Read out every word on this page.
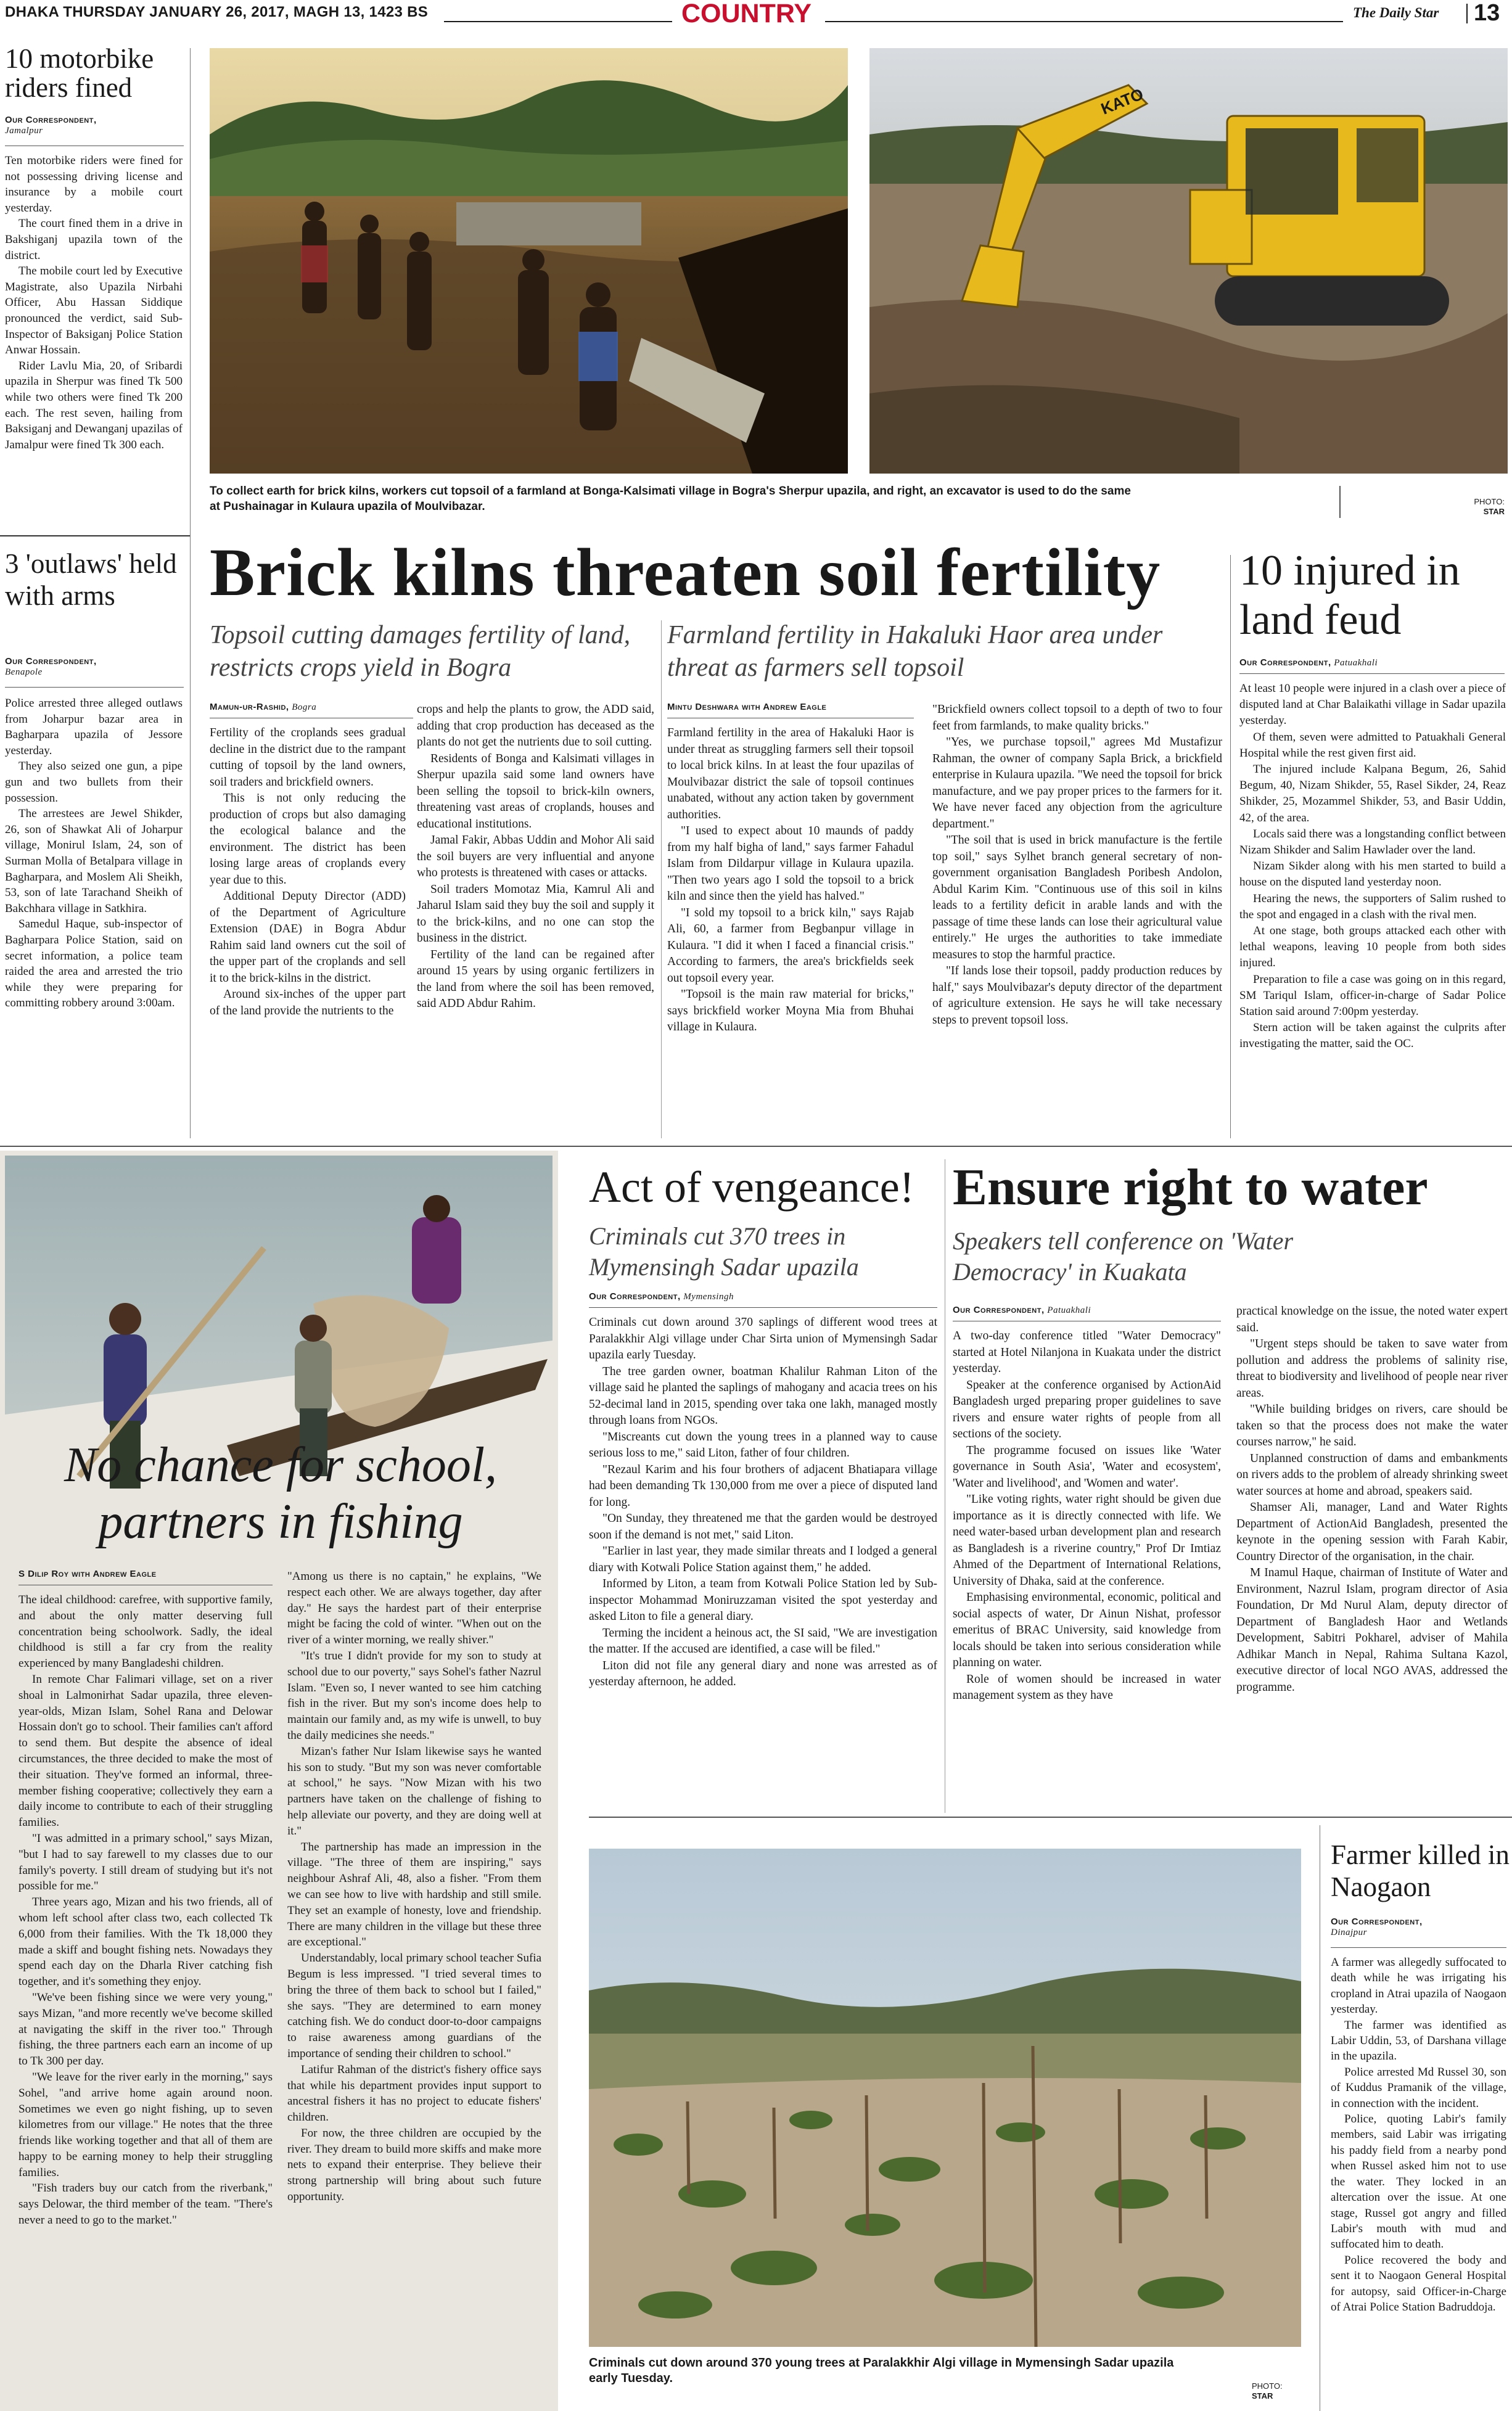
DHAKA THURSDAY JANUARY 26, 2017, MAGH 13, 1423 BS	COUNTRY	The Daily Star 13
KATO
To collect earth for brick kilns, workers cut topsoil of a farmland at Bonga-Kalsimati village in Bogra's Sherpur upazila, and right, an excavator is used to do the same at Pushainagar in Kulaura upazila of Moulvibazar.	PHOTO:
STAR
10 motorbike riders fined

Our Correspondent,
Jamalpur

Ten motorbike riders were fined for not possessing driving license and insurance by a mobile court yesterday.

The court fined them in a drive in Bakshiganj upazila town of the district.

The mobile court led by Executive Magistrate, also Upazila Nirbahi Officer, Abu Hassan Siddique pronounced the verdict, said Sub-Inspector of Baksiganj Police Station Anwar Hossain.

Rider Lavlu Mia, 20, of Sribardi upazila in Sherpur was fined Tk 500 while two others were fined Tk 200 each. The rest seven, hailing from Baksiganj and Dewanganj upazilas of Jamalpur were fined Tk 300 each.

3 'outlaws' held with arms

Our Correspondent,
Benapole

Police arrested three alleged outlaws from Joharpur bazar area in Bagharpara upazila of Jessore yesterday.

They also seized one gun, a pipe gun and two bullets from their possession.

The arrestees are Jewel Shikder, 26, son of Shawkat Ali of Joharpur village, Monirul Islam, 24, son of Surman Molla of Betalpara village in Bagharpara, and Moslem Ali Sheikh, 53, son of late Tarachand Sheikh of Bakchhara village in Satkhira.

Samedul Haque, sub-inspector of Bagharpara Police Station, said on secret information, a police team raided the area and arrested the trio while they were preparing for committing robbery around 3:00am.

Brick kilns threaten soil fertility
Topsoil cutting damages fertility of land, restricts crops yield in Bogra
Farmland fertility in Hakaluki Haor area under threat as farmers sell topsoil

Mamun-ur-Rashid, Bogra

Fertility of the croplands sees gradual decline in the district due to the rampant cutting of topsoil by the land owners, soil traders and brickfield owners.

This is not only reducing the production of crops but also damaging the ecological balance and the environment. The district has been losing large areas of croplands every year due to this.

Additional Deputy Director (ADD) of the Department of Agriculture Extension (DAE) in Bogra Abdur Rahim said land owners cut the soil of the upper part of the croplands and sell it to the brick-kilns in the district.

Around six-inches of the upper part of the land provide the nutrients to the

crops and help the plants to grow, the ADD said, adding that crop production has deceased as the plants do not get the nutrients due to soil cutting.

Residents of Bonga and Kalsimati villages in Sherpur upazila said some land owners have been selling the topsoil to brick-kiln owners, threatening vast areas of croplands, houses and educational institutions.

Jamal Fakir, Abbas Uddin and Mohor Ali said the soil buyers are very influential and anyone who protests is threatened with cases or attacks.

Soil traders Momotaz Mia, Kamrul Ali and Jaharul Islam said they buy the soil and supply it to the brick-kilns, and no one can stop the business in the district.

Fertility of the land can be regained after around 15 years by using organic fertilizers in the land from where the soil has been removed, said ADD Abdur Rahim.

Mintu Deshwara with Andrew Eagle

Farmland fertility in the area of Hakaluki Haor is under threat as struggling farmers sell their topsoil to local brick kilns. In at least the four upazilas of Moulvibazar district the sale of topsoil continues unabated, without any action taken by government authorities.

"I used to expect about 10 maunds of paddy from my half bigha of land," says farmer Fahadul Islam from Dildarpur village in Kulaura upazila. "Then two years ago I sold the topsoil to a brick kiln and since then the yield has halved."

"I sold my topsoil to a brick kiln," says Rajab Ali, 60, a farmer from Begbanpur village in Kulaura. "I did it when I faced a financial crisis." According to farmers, the area's brickfields seek out topsoil every year.

"Topsoil is the main raw material for bricks," says brickfield worker Moyna Mia from Bhuhai village in Kulaura.

"Brickfield owners collect topsoil to a depth of two to four feet from farmlands, to make quality bricks."

"Yes, we purchase topsoil," agrees Md Mustafizur Rahman, the owner of company Sapla Brick, a brickfield enterprise in Kulaura upazila. "We need the topsoil for brick manufacture, and we pay proper prices to the farmers for it. We have never faced any objection from the agriculture department."

"The soil that is used in brick manufacture is the fertile top soil," says Sylhet branch general secretary of non-government organisation Bangladesh Poribesh Andolon, Abdul Karim Kim. "Continuous use of this soil in kilns leads to a fertility deficit in arable lands and with the passage of time these lands can lose their agricultural value entirely." He urges the authorities to take immediate measures to stop the harmful practice.

"If lands lose their topsoil, paddy production reduces by half," says Moulvibazar's deputy director of the department of agriculture extension. He says he will take necessary steps to prevent topsoil loss.

10 injured in land feud

Our Correspondent, Patuakhali

At least 10 people were injured in a clash over a piece of disputed land at Char Balaikathi village in Sadar upazila yesterday.

Of them, seven were admitted to Patuakhali General Hospital while the rest given first aid.

The injured include Kalpana Begum, 26, Sahid Begum, 40, Nizam Shikder, 55, Rasel Sikder, 24, Reaz Shikder, 25, Mozammel Shikder, 53, and Basir Uddin, 42, of the area.

Locals said there was a longstanding conflict between Nizam Shikder and Salim Hawlader over the land.

Nizam Sikder along with his men started to build a house on the disputed land yesterday noon.

Hearing the news, the supporters of Salim rushed to the spot and engaged in a clash with the rival men.

At one stage, both groups attacked each other with lethal weapons, leaving 10 people from both sides injured.

Preparation to file a case was going on in this regard, SM Tariqul Islam, officer-in-charge of Sadar Police Station said around 7:00pm yesterday.

Stern action will be taken against the culprits after investigating the matter, said the OC.

No chance for school,
partners in fishing

S Dilip Roy with Andrew Eagle

The ideal childhood: carefree, with supportive family, and about the only matter deserving full concentration being schoolwork. Sadly, the ideal childhood is still a far cry from the reality experienced by many Bangladeshi children.

In remote Char Falimari village, set on a river shoal in Lalmonirhat Sadar upazila, three eleven-year-olds, Mizan Islam, Sohel Rana and Delowar Hossain don't go to school. Their families can't afford to send them. But despite the absence of ideal circumstances, the three decided to make the most of their situation. They've formed an informal, three-member fishing cooperative; collectively they earn a daily income to contribute to each of their struggling families.

"I was admitted in a primary school," says Mizan, "but I had to say farewell to my classes due to our family's poverty. I still dream of studying but it's not possible for me."

Three years ago, Mizan and his two friends, all of whom left school after class two, each collected Tk 6,000 from their families. With the Tk 18,000 they made a skiff and bought fishing nets. Nowadays they spend each day on the Dharla River catching fish together, and it's something they enjoy.

"We've been fishing since we were very young," says Mizan, "and more recently we've become skilled at navigating the skiff in the river too." Through fishing, the three partners each earn an income of up to Tk 300 per day.

"We leave for the river early in the morning," says Sohel, "and arrive home again around noon. Sometimes we even go night fishing, up to seven kilometres from our village." He notes that the three friends like working together and that all of them are happy to be earning money to help their struggling families.

"Fish traders buy our catch from the riverbank," says Delowar, the third member of the team. "There's never a need to go to the market."

"Among us there is no captain," he explains, "We respect each other. We are always together, day after day." He says the hardest part of their enterprise might be facing the cold of winter. "When out on the river of a winter morning, we really shiver."

"It's true I didn't provide for my son to study at school due to our poverty," says Sohel's father Nazrul Islam. "Even so, I never wanted to see him catching fish in the river. But my son's income does help to maintain our family and, as my wife is unwell, to buy the daily medicines she needs."

Mizan's father Nur Islam likewise says he wanted his son to study. "But my son was never comfortable at school," he says. "Now Mizan with his two partners have taken on the challenge of fishing to help alleviate our poverty, and they are doing well at it."

The partnership has made an impression in the village. "The three of them are inspiring," says neighbour Ashraf Ali, 48, also a fisher. "From them we can see how to live with hardship and still smile. They set an example of honesty, love and friendship. There are many children in the village but these three are exceptional."

Understandably, local primary school teacher Sufia Begum is less impressed. "I tried several times to bring the three of them back to school but I failed," she says. "They are determined to earn money catching fish. We do conduct door-to-door campaigns to raise awareness among guardians of the importance of sending their children to school."

Latifur Rahman of the district's fishery office says that while his department provides input support to ancestral fishers it has no project to educate fishers' children.

For now, the three children are occupied by the river. They dream to build more skiffs and make more nets to expand their enterprise. They believe their strong partnership will bring about such future opportunity.

Act of vengeance!
Criminals cut 370 trees in Mymensingh Sadar upazila

Our Correspondent, Mymensingh

Criminals cut down around 370 saplings of different wood trees at Paralakkhir Algi village under Char Sirta union of Mymensingh Sadar upazila early Tuesday.

The tree garden owner, boatman Khalilur Rahman Liton of the village said he planted the saplings of mahogany and acacia trees on his 52-decimal land in 2015, spending over taka one lakh, managed mostly through loans from NGOs.

"Miscreants cut down the young trees in a planned way to cause serious loss to me," said Liton, father of four children.

"Rezaul Karim and his four brothers of adjacent Bhatiapara village had been demanding Tk 130,000 from me over a piece of disputed land for long.

"On Sunday, they threatened me that the garden would be destroyed soon if the demand is not met," said Liton.

"Earlier in last year, they made similar threats and I lodged a general diary with Kotwali Police Station against them," he added.

Informed by Liton, a team from Kotwali Police Station led by Sub-inspector Mohammad Moniruzzaman visited the spot yesterday and asked Liton to file a general diary.

Terming the incident a heinous act, the SI said, "We are investigation the matter. If the accused are identified, a case will be filed."

Liton did not file any general diary and none was arrested as of yesterday afternoon, he added.

Ensure right to water
Speakers tell conference on 'Water Democracy' in Kuakata

Our Correspondent, Patuakhali

A two-day conference titled "Water Democracy" started at Hotel Nilanjona in Kuakata under the district yesterday.

Speaker at the conference organised by ActionAid Bangladesh urged preparing proper guidelines to save rivers and ensure water rights of people from all sections of the society.

The programme focused on issues like 'Water governance in South Asia', 'Water and ecosystem', 'Water and livelihood', and 'Women and water'.

"Like voting rights, water right should be given due importance as it is directly connected with life. We need water-based urban development plan and research as Bangladesh is a riverine country," Prof Dr Imtiaz Ahmed of the Department of International Relations, University of Dhaka, said at the conference.

Emphasising environmental, economic, political and social aspects of water, Dr Ainun Nishat, professor emeritus of BRAC University, said knowledge from locals should be taken into serious consideration while planning on water.

Role of women should be increased in water management system as they have

practical knowledge on the issue, the noted water expert said.

"Urgent steps should be taken to save water from pollution and address the problems of salinity rise, threat to biodiversity and livelihood of people near river areas.

"While building bridges on rivers, care should be taken so that the process does not make the water courses narrow," he said.

Unplanned construction of dams and embankments on rivers adds to the problem of already shrinking sweet water sources at home and abroad, speakers said.

Shamser Ali, manager, Land and Water Rights Department of ActionAid Bangladesh, presented the keynote in the opening session with Farah Kabir, Country Director of the organisation, in the chair.

M Inamul Haque, chairman of Institute of Water and Environment, Nazrul Islam, program director of Asia Foundation, Dr Md Nurul Alam, deputy director of Department of Bangladesh Haor and Wetlands Development, Sabitri Pokharel, adviser of Mahila Adhikar Manch in Nepal, Rahima Sultana Kazol, executive director of local NGO AVAS, addressed the programme.

Criminals cut down around 370 young trees at Paralakkhir Algi village in Mymensingh Sadar upazila early Tuesday.
PHOTO:
STAR
Farmer killed in Naogaon

Our Correspondent,
Dinajpur

A farmer was allegedly suffocated to death while he was irrigating his cropland in Atrai upazila of Naogaon yesterday.

The farmer was identified as Labir Uddin, 53, of Darshana village in the upazila.

Police arrested Md Russel 30, son of Kuddus Pramanik of the village, in connection with the incident.

Police, quoting Labir's family members, said Labir was irrigating his paddy field from a nearby pond when Russel asked him not to use the water. They locked in an altercation over the issue. At one stage, Russel got angry and filled Labir's mouth with mud and suffocated him to death.

Police recovered the body and sent it to Naogaon General Hospital for autopsy, said Officer-in-Charge of Atrai Police Station Badruddoja.
